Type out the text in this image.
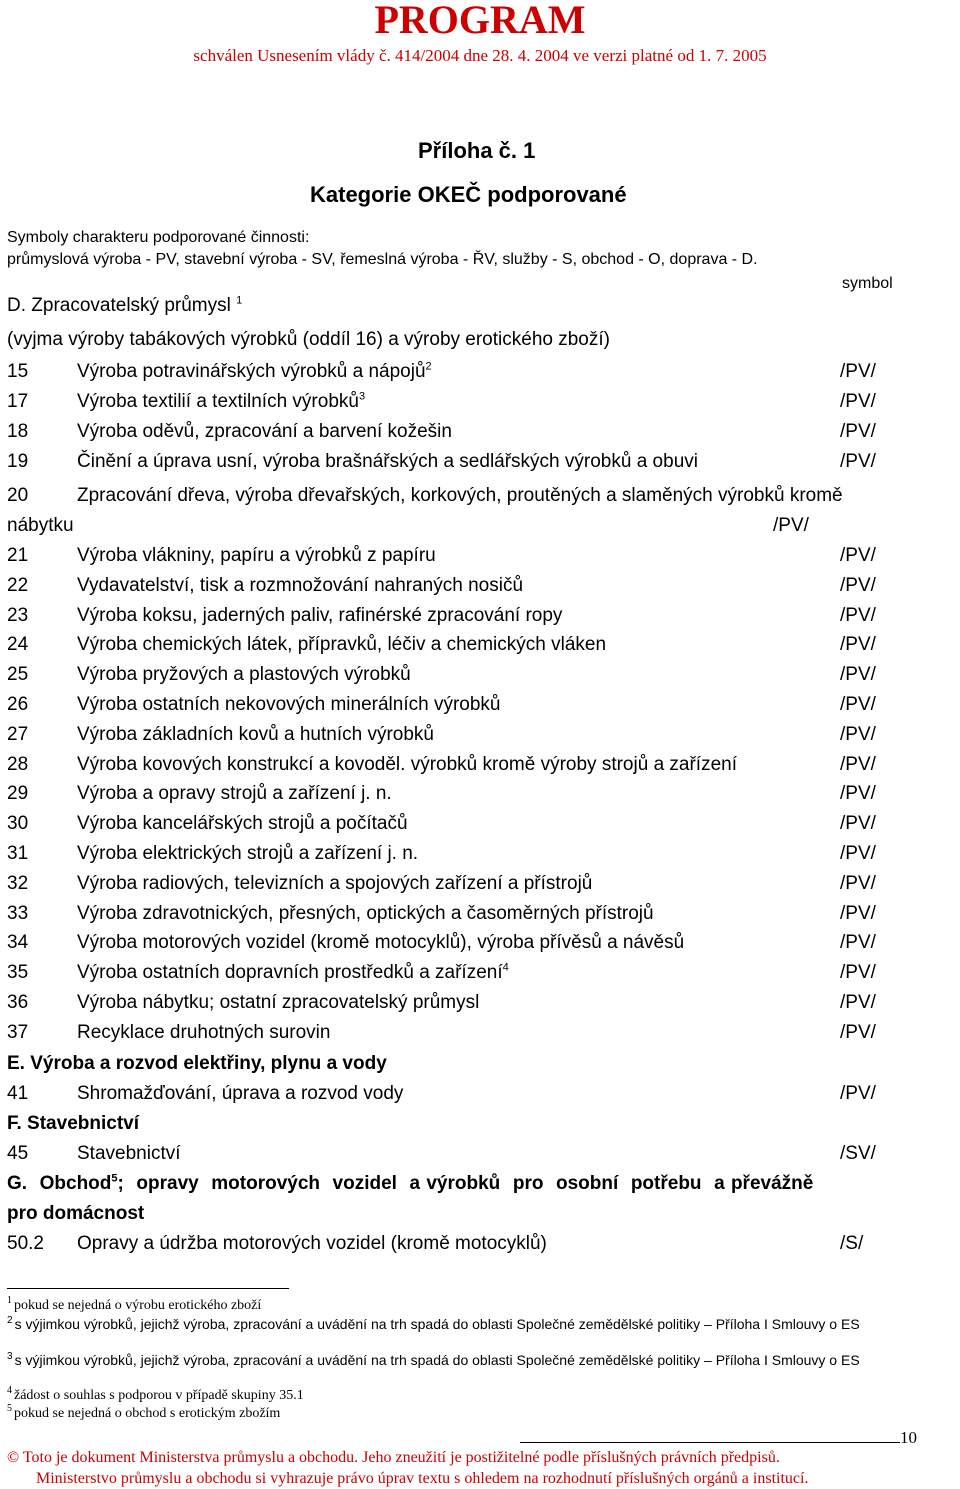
PROGRAM
schválen Usnesením vlády č. 414/2004 dne 28. 4. 2004 ve verzi platné od 1. 7. 2005
Příloha č. 1
Kategorie OKEČ podporované
Symboly charakteru podporované činnosti:
průmyslová výroba - PV, stavební výroba - SV, řemeslná výroba - ŘV, služby - S, obchod - O, doprava - D.
symbol
D. Zpracovatelský průmysl $^1$
(vyjma výroby tabákových výrobků (oddíl 16) a výroby erotického zboží)
15	Výroba potravinářských výrobků a nápojů$^2$	/PV/
17	Výroba textilií a textilních výrobků$^3$	/PV/
18	Výroba oděvů, zpracování a barvení kožešin	/PV/
19	Činění a úprava usní, výroba brašnářských a sedlářských výrobků a obuvi	/PV/
20	Zpracování dřeva, výroba dřevařských, korkových, proutěných a slaměných výrobků kromě
nábytku	/PV/
21	Výroba vlákniny, papíru a výrobků z papíru	/PV/
22	Vydavatelství, tisk a rozmnožování nahraných nosičů	/PV/
23	Výroba koksu, jaderných paliv, rafinérské zpracování ropy	/PV/
24	Výroba chemických látek, přípravků, léčiv a chemických vláken	/PV/
25	Výroba pryžových a plastových výrobků	/PV/
26	Výroba ostatních nekovových minerálních výrobků	/PV/
27	Výroba základních kovů a hutních výrobků	/PV/
28	Výroba kovových konstrukcí a kovoděl. výrobků kromě výroby strojů a zařízení	/PV/
29	Výroba a opravy strojů a zařízení j. n.	/PV/
30	Výroba kancelářských strojů a počítačů	/PV/
31	Výroba elektrických strojů a zařízení j. n.	/PV/
32	Výroba radiových, televizních a spojových zařízení a přístrojů	/PV/
33	Výroba zdravotnických, přesných, optických a časoměrných přístrojů	/PV/
34	Výroba motorových vozidel (kromě motocyklů), výroba přívěsů a návěsů	/PV/
35	Výroba ostatních dopravních prostředků a zařízení$^4$	/PV/
36	Výroba nábytku; ostatní zpracovatelský průmysl	/PV/
37	Recyklace druhotných surovin	/PV/
E. Výroba a rozvod elektřiny, plynu a vody
41	Shromažďování, úprava a rozvod vody	/PV/
F. Stavebnictví
45	Stavebnictví	/SV/
G.  Obchod$^5$;  opravy  motorových  vozidel  a výrobků  pro  osobní  potřebu  a převážně
pro domácnost
50.2 Opravy a údržba motorových vozidel (kromě motocyklů)	/S/
$^1$ pokud se nejedná o výrobu erotického zboží
$^2$ s výjimkou výrobků, jejichž výroba, zpracování a uvádění na trh spadá do oblasti Společné zemědělské politiky – Příloha I Smlouvy o ES
$^3$ s výjimkou výrobků, jejichž výroba, zpracování a uvádění na trh spadá do oblasti Společné zemědělské politiky – Příloha I Smlouvy o ES
$^4$ žádost o souhlas s podporou v případě skupiny 35.1
$^5$ pokud se nejedná o obchod s erotickým zbožím
10
© Toto je dokument Ministerstva průmyslu a obchodu. Jeho zneužití je postižitelné podle příslušných právních předpisů.
Ministerstvo průmyslu a obchodu si vyhrazuje právo úprav textu s ohledem na rozhodnutí příslušných orgánů a institucí.
